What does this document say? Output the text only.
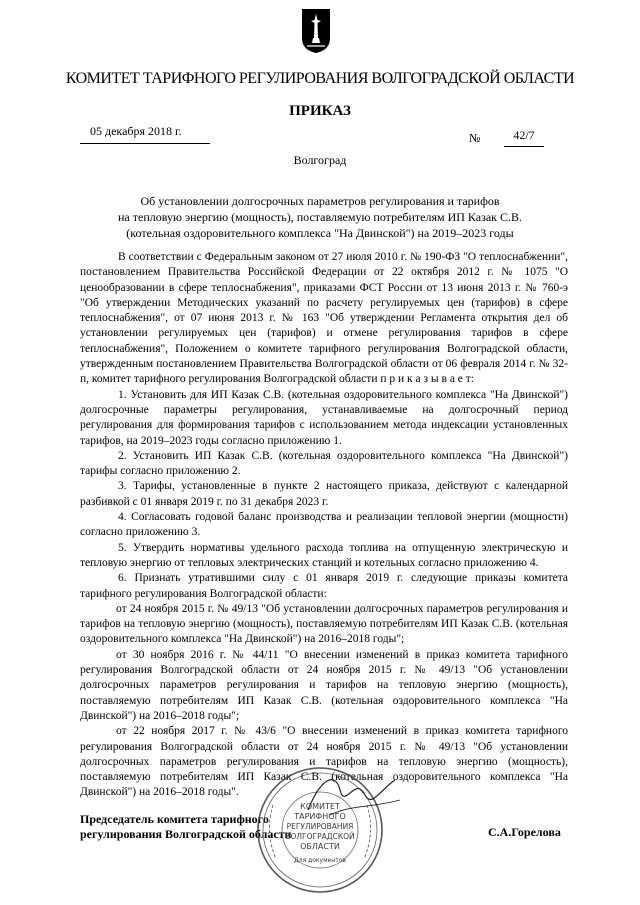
КОМИТЕТ ТАРИФНОГО РЕГУЛИРОВАНИЯ ВОЛГОГРАДСКОЙ ОБЛАСТИ
ПРИКАЗ
05 декабря 2018 г.	№	42/7
Волгоград
Об установлении долгосрочных параметров регулирования и тарифов
на тепловую энергию (мощность), поставляемую потребителям ИП Казак С.В.
(котельная оздоровительного комплекса "На Двинской") на 2019–2023 годы

В соответствии с Федеральным законом от 27 июля 2010 г. № 190-ФЗ "О теплоснабжении", постановлением Правительства Российской Федерации от 22 октября 2012 г. № 1075 "О ценообразовании в сфере теплоснабжения", приказами ФСТ России от 13 июня 2013 г. № 760-э "Об утверждении Методических указаний по расчету регулируемых цен (тарифов) в сфере теплоснабжения", от 07 июня 2013 г. № 163 "Об утверждении Регламента открытия дел об установлении регулируемых цен (тарифов) и отмене регулирования тарифов в сфере теплоснабжения", Положением о комитете тарифного регулирования Волгоградской области, утвержденным постановлением Правительства Волгоградской области от 06 февраля 2014 г. № 32-п, комитет тарифного регулирования Волгоградской области п р и к а з ы в а е т:

1. Установить для ИП Казак С.В. (котельная оздоровительного комплекса "На Двинской") долгосрочные параметры регулирования, устанавливаемые на долгосрочный период регулирования для формирования тарифов с использованием метода индексации установленных тарифов, на 2019–2023 годы согласно приложению 1.

2. Установить ИП Казак С.В. (котельная оздоровительного комплекса "На Двинской") тарифы согласно приложению 2.

3. Тарифы, установленные в пункте 2 настоящего приказа, действуют с календарной разбивкой с 01 января 2019 г. по 31 декабря 2023 г.

4. Согласовать годовой баланс производства и реализации тепловой энергии (мощности) согласно приложению 3.

5. Утвердить нормативы удельного расхода топлива на отпущенную электрическую и тепловую энергию от тепловых электрических станций и котельных согласно приложению 4.

6. Признать утратившими силу с 01 января 2019 г. следующие приказы комитета тарифного регулирования Волгоградской области:

от 24 ноября 2015 г. № 49/13 "Об установлении долгосрочных параметров регулирования и тарифов на тепловую энергию (мощность), поставляемую потребителям ИП Казак С.В. (котельная оздоровительного комплекса "На Двинской") на 2016–2018 годы";

от 30 ноября 2016 г. № 44/11 "О внесении изменений в приказ комитета тарифного регулирования Волгоградской области от 24 ноября 2015 г. № 49/13 "Об установлении долгосрочных параметров регулирования и тарифов на тепловую энергию (мощность), поставляемую потребителям ИП Казак С.В. (котельная оздоровительного комплекса "На Двинской") на 2016–2018 годы";

от 22 ноября 2017 г. № 43/6 "О внесении изменений в приказ комитета тарифного регулирования Волгоградской области от 24 ноября 2015 г. № 49/13 "Об установлении долгосрочных параметров регулирования и тарифов на тепловую энергию (мощность), поставляемую потребителям ИП Казак С.В. (котельная оздоровительного комплекса "На Двинской") на 2016–2018 годы".

Председатель комитета тарифного
регулирования Волгоградской области	С.А.Горелова
КОМИТЕТ
ТАРИФНОГО
РЕГУЛИРОВАНИЯ
ВОЛГОГРАДСКОЙ
ОБЛАСТИ
Для документов
